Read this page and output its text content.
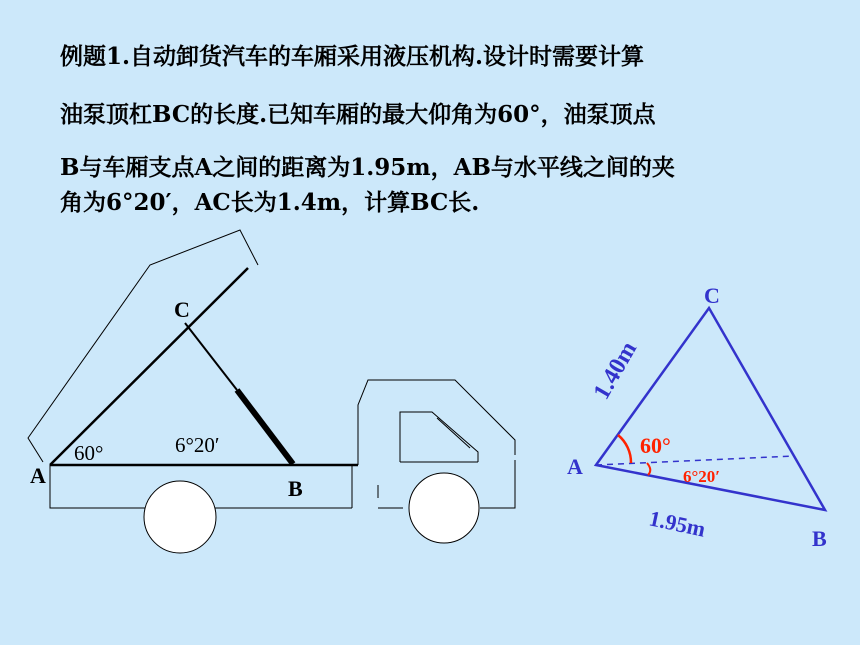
例题1.自动卸货汽车的车厢采用液压机构.设计时需要计算
油泵顶杠BC的长度.已知车厢的最大仰角为60°，油泵顶点
B与车厢支点A之间的距离为1.95m，AB与水平线之间的夹
角为6°20′，AC长为1.4m，计算BC长.
A
B
C
60°	6°20′
A
B
C
1.40m
1.95m
60°
6°20′
